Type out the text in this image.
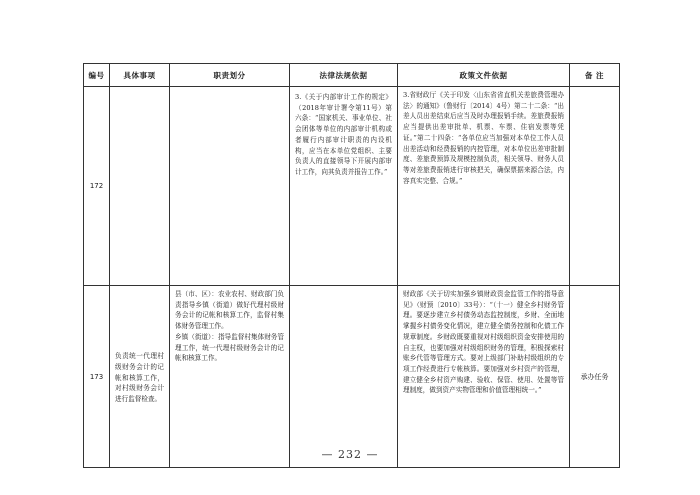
编号	具体事项	职责划分	法律法规依据	政策文件依据	备 注
172			3.《关于内部审计工作的规定》（2018年审计署令第11号）第六条：“国家机关、事业单位、社会团体等单位的内部审计机构或者履行内部审计职责的内设机构，应当在本单位党组织、主要负责人的直接领导下开展内部审计工作，向其负责并报告工作。”	3.省财政厅《关于印发〈山东省省直机关差旅费管理办法〉的通知》（鲁财行〔2014〕4号）第二十二条：“出差人员出差结束后应当及时办理报销手续。差旅费报销应当提供出差审批单、机票、车票、住宿发票等凭证。”第二十四条：“各单位应当加强对本单位工作人员出差活动和经费报销的内控管理，对本单位出差审批制度、差旅费预算及规模控制负责，相关领导、财务人员等对差旅费报销进行审核把关，确保票据来源合法，内容真实完整、合规。”	
173	负责统一代理村级财务会计的记帐和核算工作，对村级财务会计进行监督检查。	县（市、区）：农业农村、财政部门负责指导乡镇（街道）做好代理村级财务会计的记帐和核算工作，监督村集体财务管理工作。
乡镇（街道）：指导监督村集体财务管理工作，统一代理村级财务会计的记帐和核算工作。		财政部《关于切实加强乡镇财政资金监管工作的指导意见》（财预〔2010〕33号）：“（十一）健全乡村财务管理。要逐步建立乡村债务动态监控制度，乡财、全面地掌握乡村债务变化情况，建立健全债务控制和化债工作规章制度。乡财政既要重视对村级组织资金安排使用的自主权，也要加强对村级组织财务的管理，积极探索村账乡代管等管理方式。要对上级部门补助村级组织的专项工作经费进行专帐核算。要加强对乡村资产的管理，建立健全乡村资产购建、验收、保管、使用、处置等管理制度，做到资产实物管理和价值管理相统一。”	承办任务
— 232 —
